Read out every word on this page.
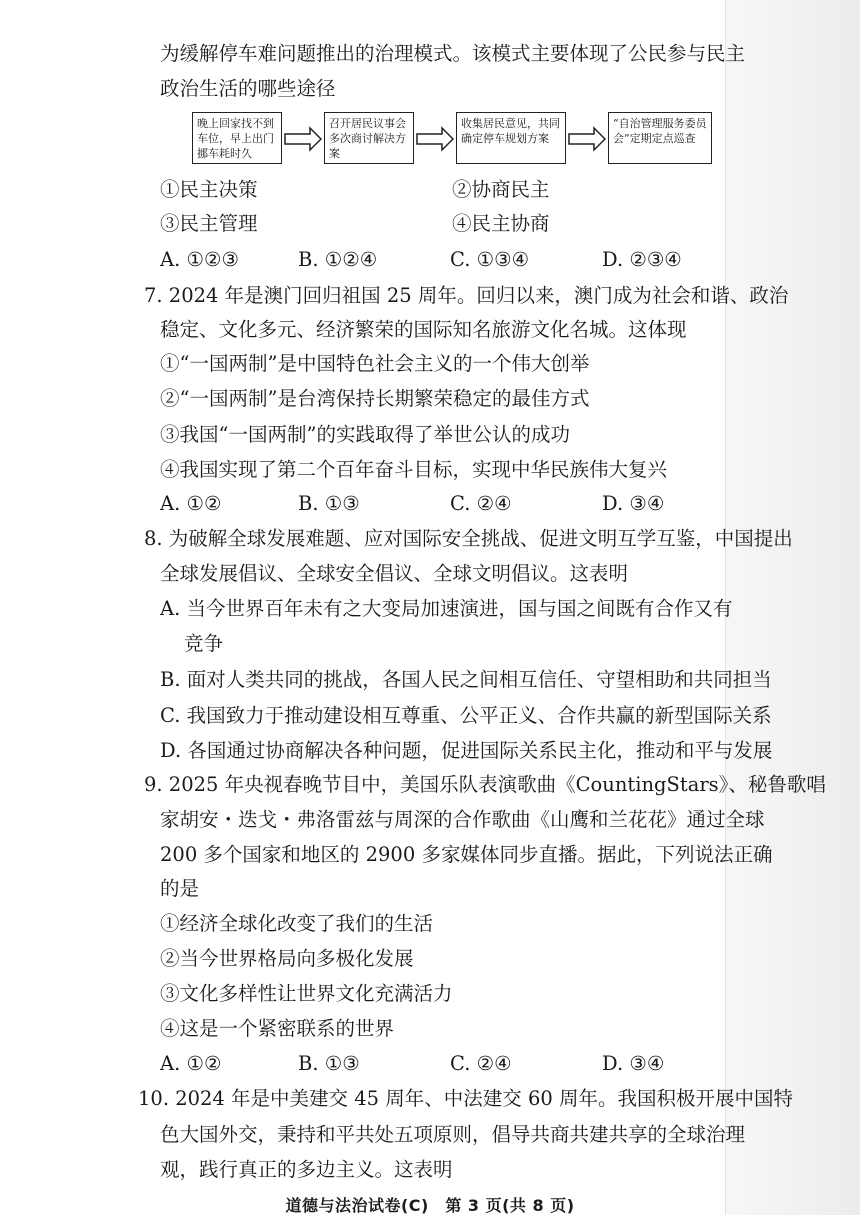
为缓解停车难问题推出的治理模式。该模式主要体现了公民参与民主
政治生活的哪些途径
晚上回家找不到车位，早上出门挪车耗时久
召开居民议事会多次商讨解决方案
收集居民意见，共同确定停车规划方案
“自治管理服务委员会”定期定点巡查
①民主决策	②协商民主
③民主管理	④民主协商
A. ①②③	B. ①②④	C. ①③④	D. ②③④
7. 2024 年是澳门回归祖国 25 周年。回归以来，澳门成为社会和谐、政治
稳定、文化多元、经济繁荣的国际知名旅游文化名城。这体现
①“一国两制”是中国特色社会主义的一个伟大创举
②“一国两制”是台湾保持长期繁荣稳定的最佳方式
③我国“一国两制”的实践取得了举世公认的成功
④我国实现了第二个百年奋斗目标，实现中华民族伟大复兴
A. ①②	B. ①③	C. ②④	D. ③④
8. 为破解全球发展难题、应对国际安全挑战、促进文明互学互鉴，中国提出
全球发展倡议、全球安全倡议、全球文明倡议。这表明
A. 当今世界百年未有之大变局加速演进，国与国之间既有合作又有
竞争
B. 面对人类共同的挑战，各国人民之间相互信任、守望相助和共同担当
C. 我国致力于推动建设相互尊重、公平正义、合作共赢的新型国际关系
D. 各国通过协商解决各种问题，促进国际关系民主化，推动和平与发展
9. 2025 年央视春晚节目中，美国乐队表演歌曲《CountingStars》、秘鲁歌唱
家胡安・迭戈・弗洛雷兹与周深的合作歌曲《山鹰和兰花花》通过全球
200 多个国家和地区的 2900 多家媒体同步直播。据此，下列说法正确
的是
①经济全球化改变了我们的生活
②当今世界格局向多极化发展
③文化多样性让世界文化充满活力
④这是一个紧密联系的世界
A. ①②	B. ①③	C. ②④	D. ③④
10. 2024 年是中美建交 45 周年、中法建交 60 周年。我国积极开展中国特
色大国外交，秉持和平共处五项原则，倡导共商共建共享的全球治理
观，践行真正的多边主义。这表明
道德与法治试卷(C)　第 3 页(共 8 页)
